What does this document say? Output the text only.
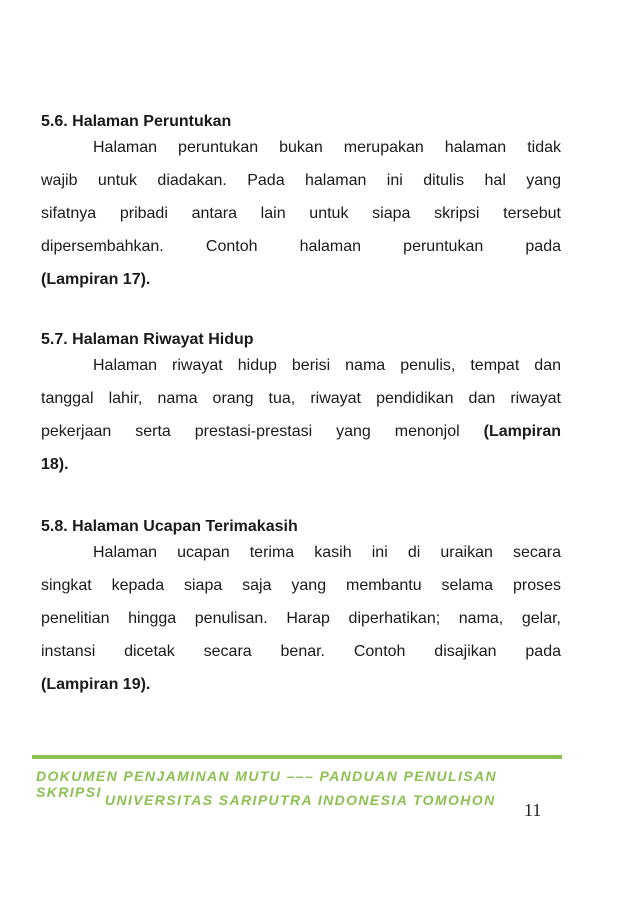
5.6. Halaman Peruntukan
Halaman peruntukan bukan merupakan halaman tidak
wajib untuk diadakan. Pada halaman ini ditulis hal yang
sifatnya pribadi antara lain untuk siapa skripsi tersebut
dipersembahkan. Contoh halaman peruntukan pada
(Lampiran 17).
5.7. Halaman Riwayat Hidup
Halaman riwayat hidup berisi nama penulis, tempat dan
tanggal lahir, nama orang tua, riwayat pendidikan dan riwayat
pekerjaan serta prestasi-prestasi yang menonjol (Lampiran
18).
5.8. Halaman Ucapan Terimakasih
Halaman ucapan terima kasih ini di uraikan secara
singkat kepada siapa saja yang membantu selama proses
penelitian hingga penulisan. Harap diperhatikan; nama, gelar,
instansi dicetak secara benar. Contoh disajikan pada
(Lampiran 19).
DOKUMEN PENJAMINAN MUTU ––– PANDUAN PENULISAN SKRIPSI UNIVERSITAS SARIPUTRA INDONESIA TOMOHON	11
